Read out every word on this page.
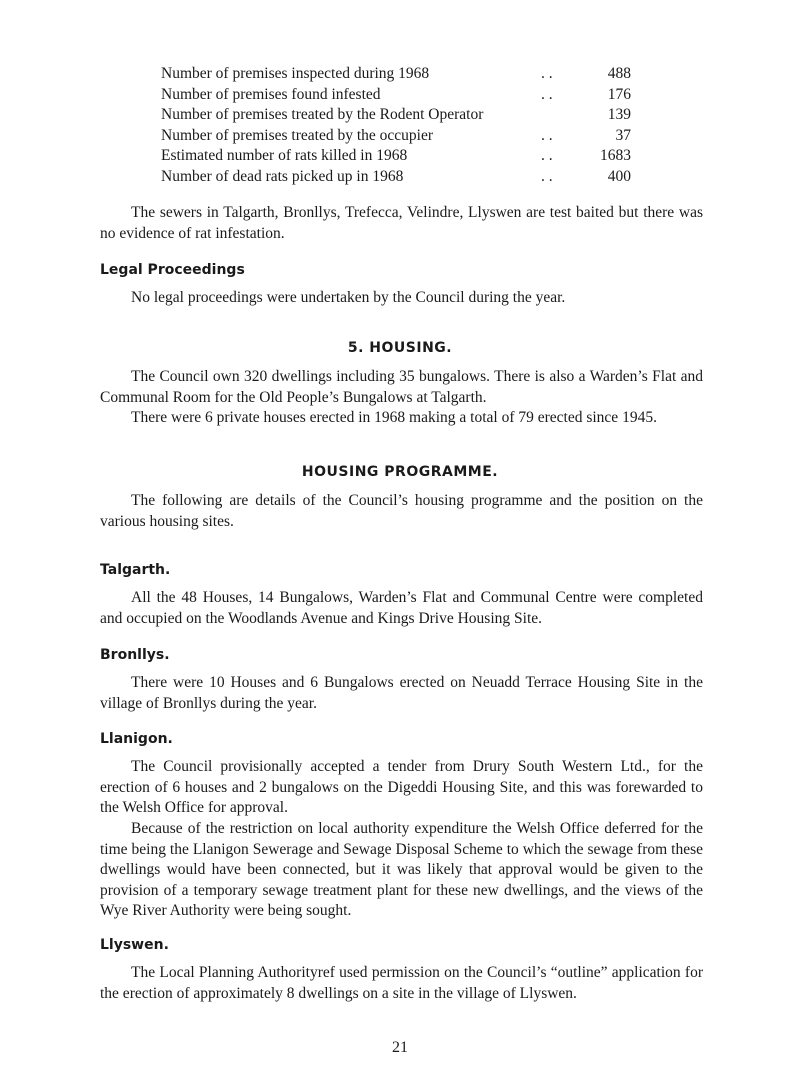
Number of premises inspected during 1968	. .	488
Number of premises found infested	. .	176
Number of premises treated by the Rodent Operator	139
Number of premises treated by the occupier	. .	37
Estimated number of rats killed in 1968	. .	1683
Number of dead rats picked up in 1968	. .	400

The sewers in Talgarth, Bronllys, Trefecca, Velindre, Llyswen are test baited but there was no evidence of rat infestation.

Legal Proceedings

No legal proceedings were undertaken by the Council during the year.

5. HOUSING.

The Council own 320 dwellings including 35 bungalows. There is also a Warden’s Flat and Communal Room for the Old People’s Bungalows at Talgarth.

There were 6 private houses erected in 1968 making a total of 79 erected since 1945.

HOUSING PROGRAMME.

The following are details of the Council’s housing programme and the position on the various housing sites.

Talgarth.

All the 48 Houses, 14 Bungalows, Warden’s Flat and Communal Centre were completed and occupied on the Woodlands Avenue and Kings Drive Housing Site.

Bronllys.

There were 10 Houses and 6 Bungalows erected on Neuadd Terrace Housing Site in the village of Bronllys during the year.

Llanigon.

The Council provisionally accepted a tender from Drury South Western Ltd., for the erection of 6 houses and 2 bungalows on the Digeddi Housing Site, and this was forewarded to the Welsh Office for approval.

Because of the restriction on local authority expenditure the Welsh Office deferred for the time being the Llanigon Sewerage and Sewage Disposal Scheme to which the sewage from these dwellings would have been connected, but it was likely that approval would be given to the provision of a temporary sewage treatment plant for these new dwellings, and the views of the Wye River Authority were being sought.

Llyswen.

The Local Planning Authorityref used permission on the Council’s “outline” application for the erection of approximately 8 dwellings on a site in the village of Llyswen.

21
